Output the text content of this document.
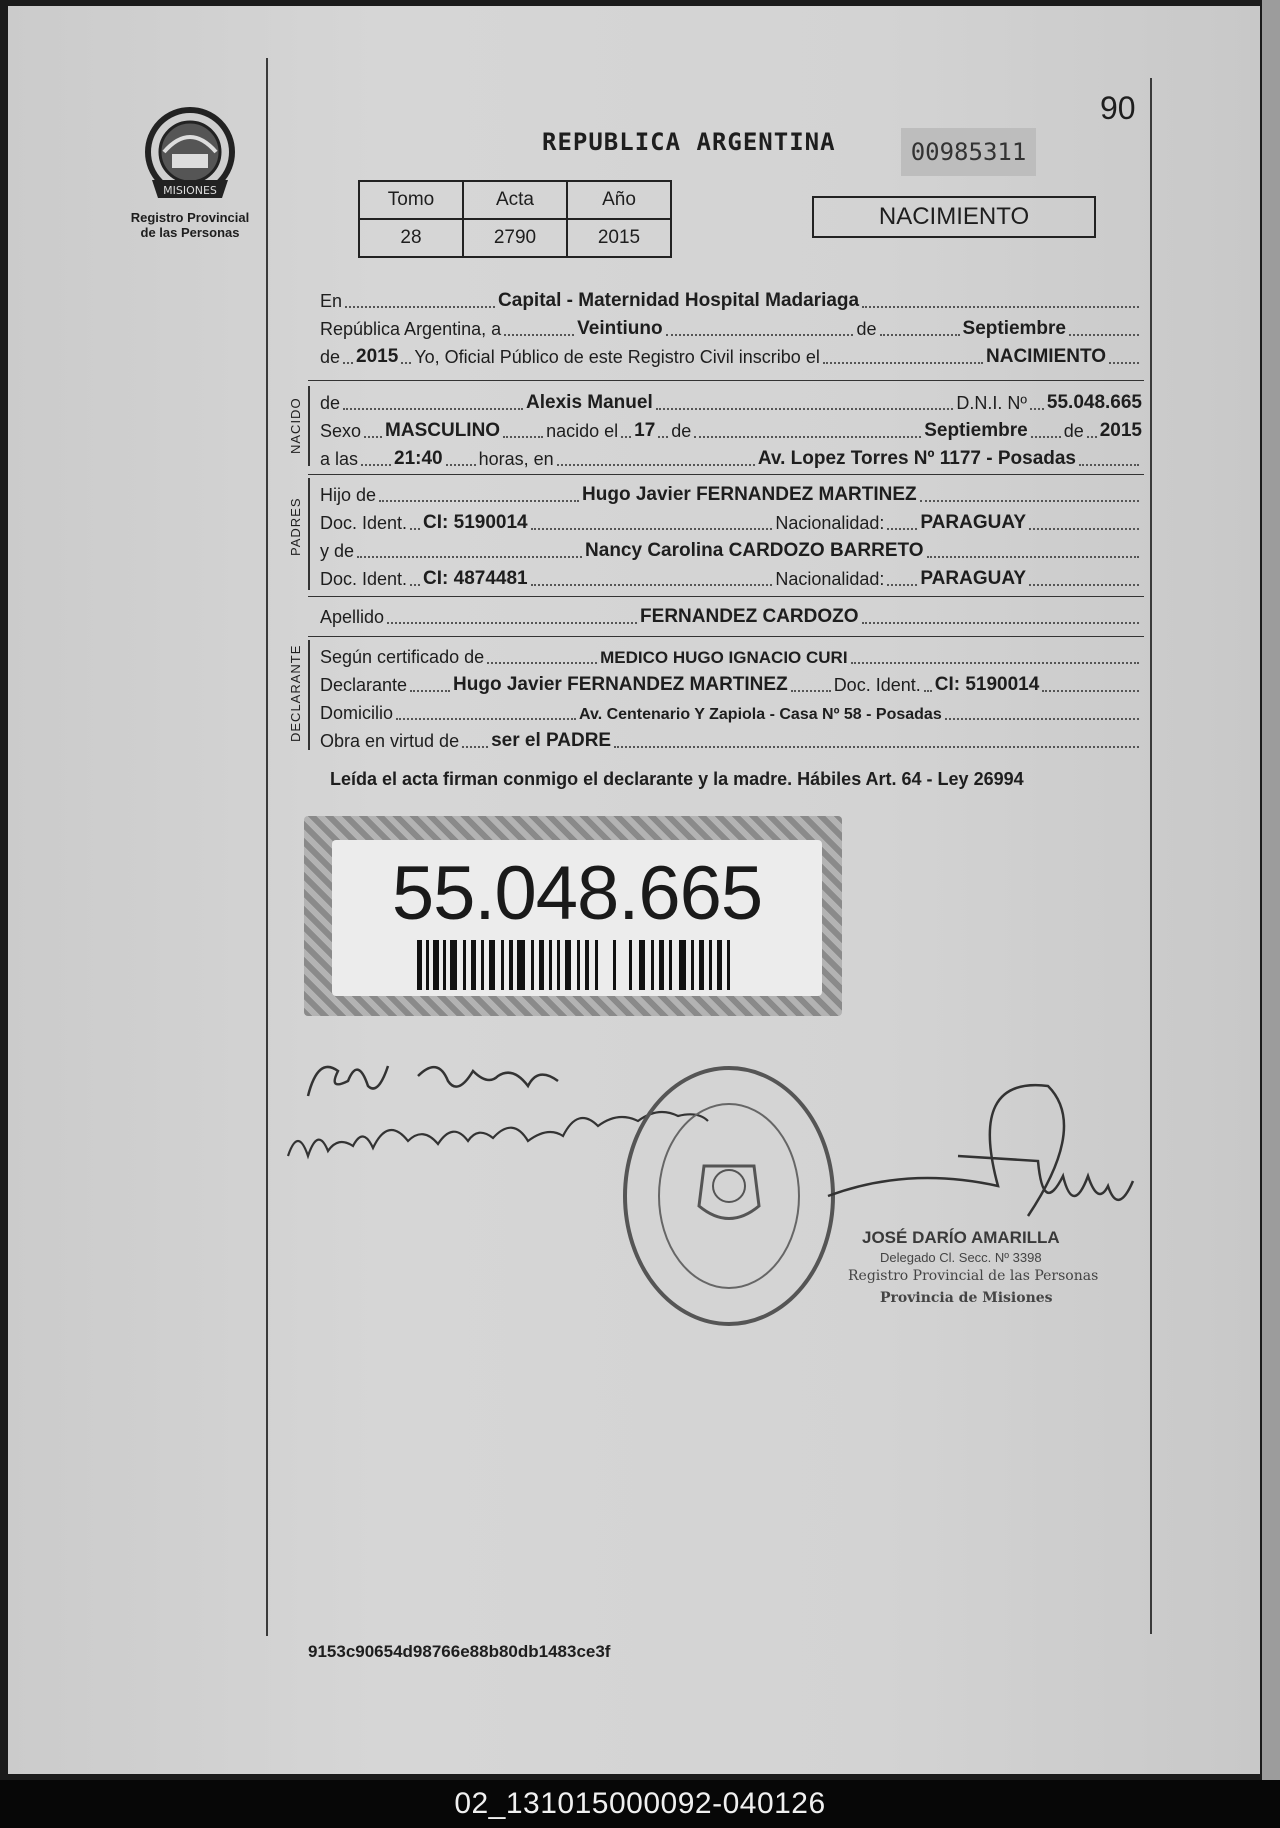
MISIONES
Registro Provincial
de las Personas
90
REPUBLICA ARGENTINA	00985311
Tomo	Acta	Año
28	2790	2015
NACIMIENTO
En	Capital - Maternidad Hospital Madariaga
República Argentina, a	Veintiuno	de	Septiembre
de 2015 Yo, Oficial Público de este Registro Civil inscribo el	NACIMIENTO
NACIDO de	Alexis Manuel	D.N.I. Nº 55.048.665
Sexo MASCULINO	nacido el 17 de	Septiembre de 2015
a las 21:40 horas, en	Av. Lopez Torres Nº 1177 - Posadas
PADRES
Hijo de	Hugo Javier FERNANDEZ MARTINEZ
Doc. Ident. CI: 5190014	Nacionalidad: PARAGUAY
y de	Nancy Carolina CARDOZO BARRETO
Doc. Ident. CI: 4874481	Nacionalidad: PARAGUAY
Apellido	FERNANDEZ CARDOZO
DECLARANTE Según certificado de	MEDICO HUGO IGNACIO CURI
Declarante Hugo Javier FERNANDEZ MARTINEZ	Doc. Ident. CI: 5190014
Domicilio	Av. Centenario Y Zapiola - Casa Nº 58 - Posadas
Obra en virtud de ser el PADRE
Leída el acta firman conmigo el declarante y la madre. Hábiles Art. 64 - Ley 26994
55.048.665
JOSÉ DARÍO AMARILLA
Delegado Cl. Secc. Nº 3398
Registro Provincial de las Personas
Provincia de Misiones
9153c90654d98766e88b80db1483ce3f
02_131015000092-040126
